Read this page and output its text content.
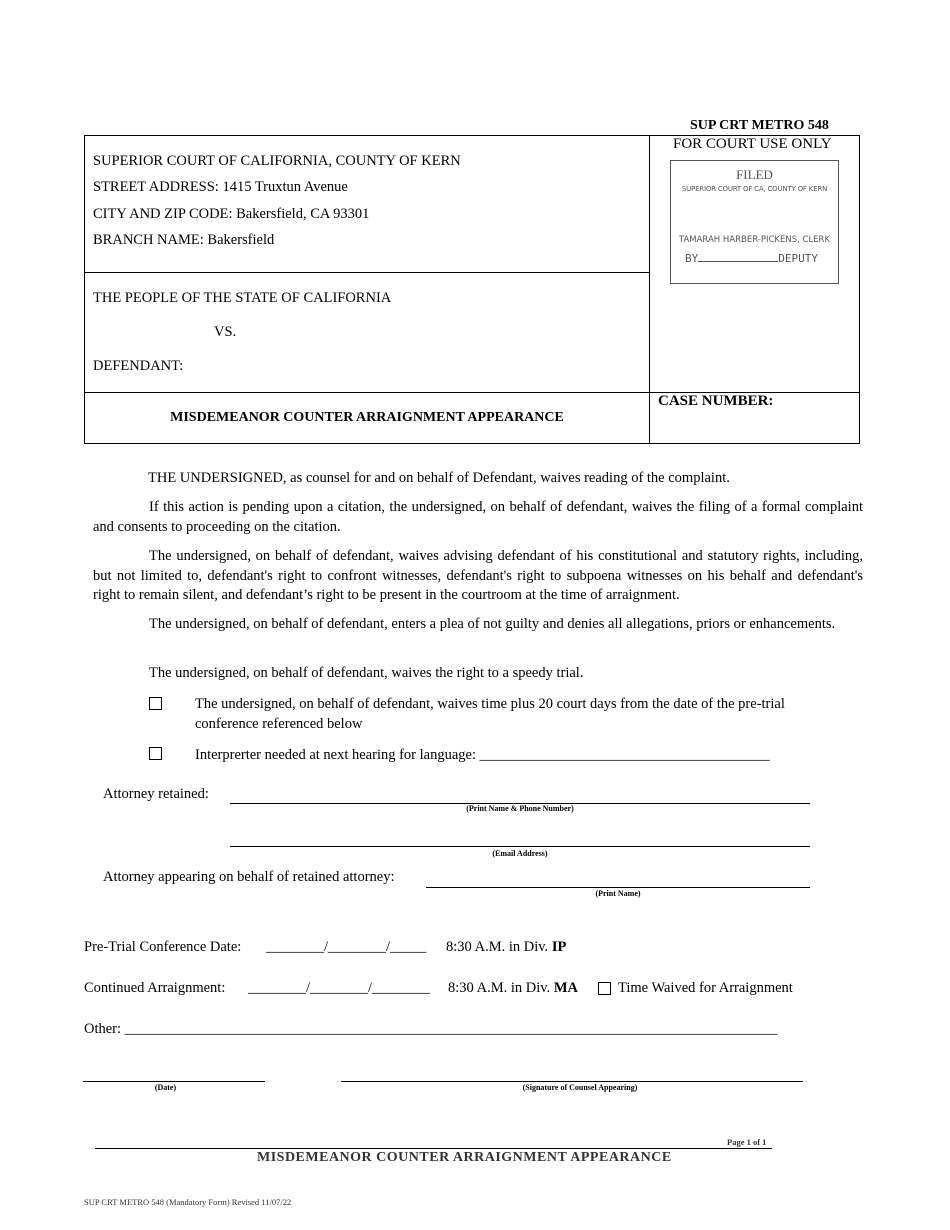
SUP CRT METRO 548
FOR COURT USE ONLY
SUPERIOR COURT OF CALIFORNIA, COUNTY OF KERN
STREET ADDRESS: 1415 Truxtun Avenue
CITY AND ZIP CODE: Bakersfield, CA 93301
BRANCH NAME: Bakersfield
THE PEOPLE OF THE STATE OF CALIFORNIA
VS.
DEFENDANT:
FILED
SUPERIOR COURT OF CA, COUNTY OF KERN
TAMARAH HARBER-PICKENS, CLERK
BY	DEPUTY
MISDEMEANOR COUNTER ARRAIGNMENT APPEARANCE
CASE NUMBER:
THE UNDERSIGNED, as counsel for and on behalf of Defendant, waives reading of the complaint.
If this action is pending upon a citation, the undersigned, on behalf of defendant, waives the filing of a formal complaint and consents to proceeding on the citation.
The undersigned, on behalf of defendant, waives advising defendant of his constitutional and statutory rights, including, but not limited to, defendant's right to confront witnesses, defendant's right to subpoena witnesses on his behalf and defendant's right to remain silent, and defendant’s right to be present in the courtroom at the time of arraignment.
The undersigned, on behalf of defendant, enters a plea of not guilty and denies all allegations, priors or enhancements.
The undersigned, on behalf of defendant, waives the right to a speedy trial.
The undersigned, on behalf of defendant, waives time plus 20 court days from the date of the pre-trial conference referenced below
Interprerter needed at next hearing for language: ________________________________________
Attorney retained:
(Print Name & Phone Number)
(Email Address)
Attorney appearing on behalf of retained attorney:
(Print Name)
Pre-Trial Conference Date: ________/________/_____ 8:30 A.M. in Div. IP
Continued Arraignment: ________/________/________ 8:30 A.M. in Div. MA	Time Waived for Arraignment
Other: __________________________________________________________________________________________
(Date)	(Signature of Counsel Appearing)
Page 1 of 1
MISDEMEANOR COUNTER ARRAIGNMENT APPEARANCE
SUP CRT METRO 548 (Mandatory Form) Revised 11/07/22
